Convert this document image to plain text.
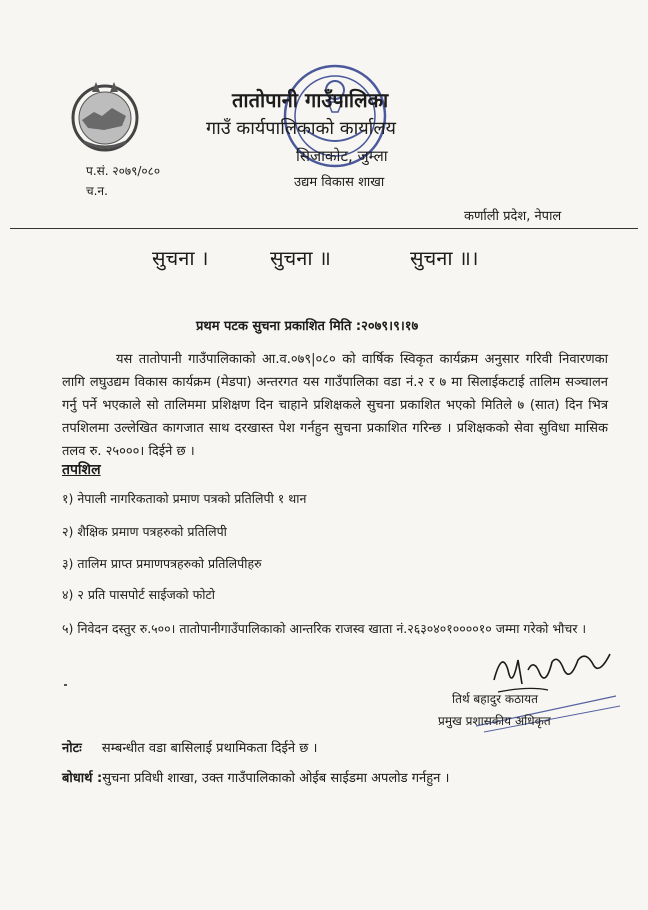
तातोपानी गाउँपालिका
गाउँ कार्यपालिकाको कार्यालय
सिजाकोट, जुम्ला
उद्यम विकास शाखा
प.सं. २०७९/०८०
च.न.
कर्णाली प्रदेश, नेपाल
सुचना ।	सुचना ॥	सुचना ॥।
प्रथम पटक सुचना प्रकाशित मिति :२०७९।९।१७
यस तातोपानी गाउँपालिकाको आ.व.०७९|०८० को वार्षिक स्विकृत कार्यक्रम अनुसार गरिवी निवारणका लागि लघुउद्यम विकास कार्यक्रम (मेडपा) अन्तरगत यस गाउँपालिका वडा नं.२ र ७ मा सिलाईकटाई तालिम सञ्चालन गर्नु पर्ने भएकाले सो तालिममा प्रशिक्षण दिन चाहाने प्रशिक्षकले सुचना प्रकाशित भएको मितिले ७ (सात) दिन भित्र तपशिलमा उल्लेखित कागजात साथ दरखास्त पेश गर्नहुन सुचना प्रकाशित गरिन्छ । प्रशिक्षकको सेवा सुविधा मासिक तलव रु. २५०००। दिईने छ ।
तपशिल
१) नेपाली नागरिकताको प्रमाण पत्रको प्रतिलिपी १ थान
२) शैक्षिक प्रमाण पत्रहरुको प्रतिलिपी
३) तालिम प्राप्त प्रमाणपत्रहरुको प्रतिलिपीहरु
४) २ प्रति पासपोर्ट साईजको फोटो
५) निवेदन दस्तुर रु.५००। तातोपानीगाउँपालिकाको आन्तरिक राजस्व खाता नं.२६३०४०१००००१० जम्मा गरेको भौचर ।
तिर्थ बहादुर कठायत
प्रमुख प्रशासकीय अधिकृत
नोटः सम्बन्धीत वडा बासिलाई प्रथामिकता दिईने छ ।
बोधार्थ :सुचना प्रविधी शाखा, उक्त गाउँपालिकाको ओईब साईडमा अपलोड गर्नहुन ।
